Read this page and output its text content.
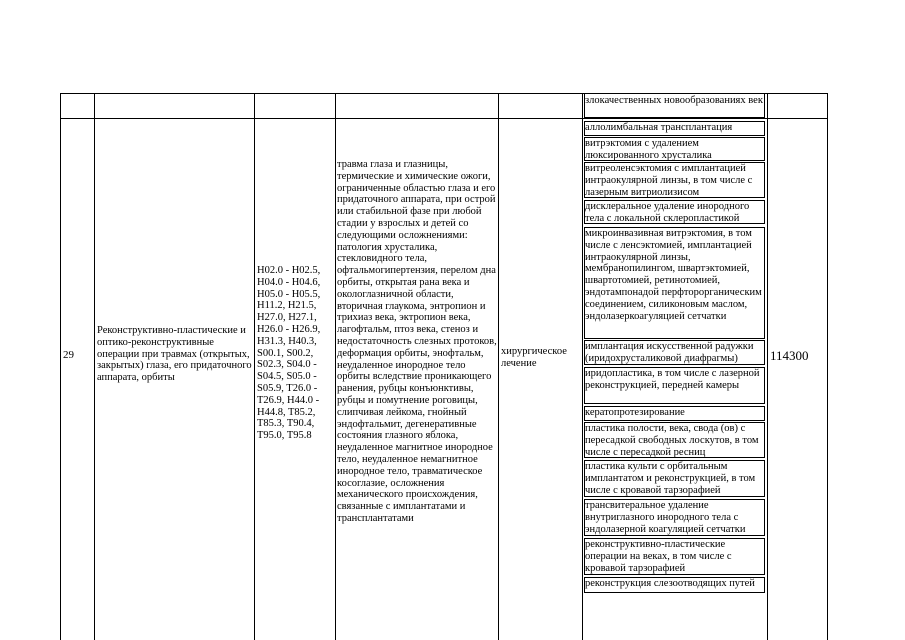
злокачественных новообразованиях век
29
Реконструктивно-пластические и оптико-реконструктивные операции при травмах (открытых, закрытых) глаза, его придаточного аппарата, орбиты
H02.0 - H02.5, H04.0 - H04.6, H05.0 - H05.5, H11.2, H21.5, H27.0, H27.1, H26.0 - H26.9, H31.3, H40.3, S00.1, S00.2, S02.3, S04.0 - S04.5, S05.0 - S05.9, T26.0 - T26.9, H44.0 - H44.8, T85.2, T85.3, T90.4, T95.0, T95.8
травма глаза и глазницы, термические и химические ожоги, ограниченные областью глаза и его придаточного аппарата, при острой или стабильной фазе при любой стадии у взрослых и детей со следующими осложнениями: патология хрусталика, стекловидного тела, офтальмогипертензия, перелом дна орбиты, открытая рана века и окологлазничной области, вторичная глаукома, энтропион и трихиаз века, эктропион века, лагофтальм, птоз века, стеноз и недостаточность слезных протоков, деформация орбиты, энофтальм, неудаленное инородное тело орбиты вследствие проникающего ранения, рубцы конъюнктивы, рубцы и помутнение роговицы, слипчивая лейкома, гнойный эндофтальмит, дегенеративные состояния глазного яблока, неудаленное магнитное инородное тело, неудаленное немагнитное инородное тело, травматическое косоглазие, осложнения механического происхождения, связанные с имплантатами и трансплантатами
хирургическое лечение
114300
аллолимбальная трансплантация
витрэктомия с удалением люксированного хрусталика
витреоленсэктомия с имплантацией интраокулярной линзы, в том числе с лазерным витриолизисом
дисклеральное удаление инородного тела с локальной склеропластикой
микроинвазивная витрэктомия, в том числе с ленсэктомией, имплантацией интраокулярной линзы, мембранопилингом, швартэктомией, швартотомией, ретинотомией, эндотампонадой перфторорганическим соединением, силиконовым маслом, эндолазеркоагуляцией сетчатки
имплантация искусственной радужки (иридохрусталиковой диафрагмы)
иридопластика, в том числе с лазерной реконструкцией, передней камеры
кератопротезирование
пластика полости, века, свода (ов) с пересадкой свободных лоскутов, в том числе с пересадкой ресниц
пластика культи с орбитальным имплантатом и реконструкцией, в том числе с кровавой тарзорафией
трансвитеральное удаление внутриглазного инородного тела с эндолазерной коагуляцией сетчатки
реконструктивно-пластические операции на веках, в том числе с кровавой тарзорафией
реконструкция слезоотводящих путей
